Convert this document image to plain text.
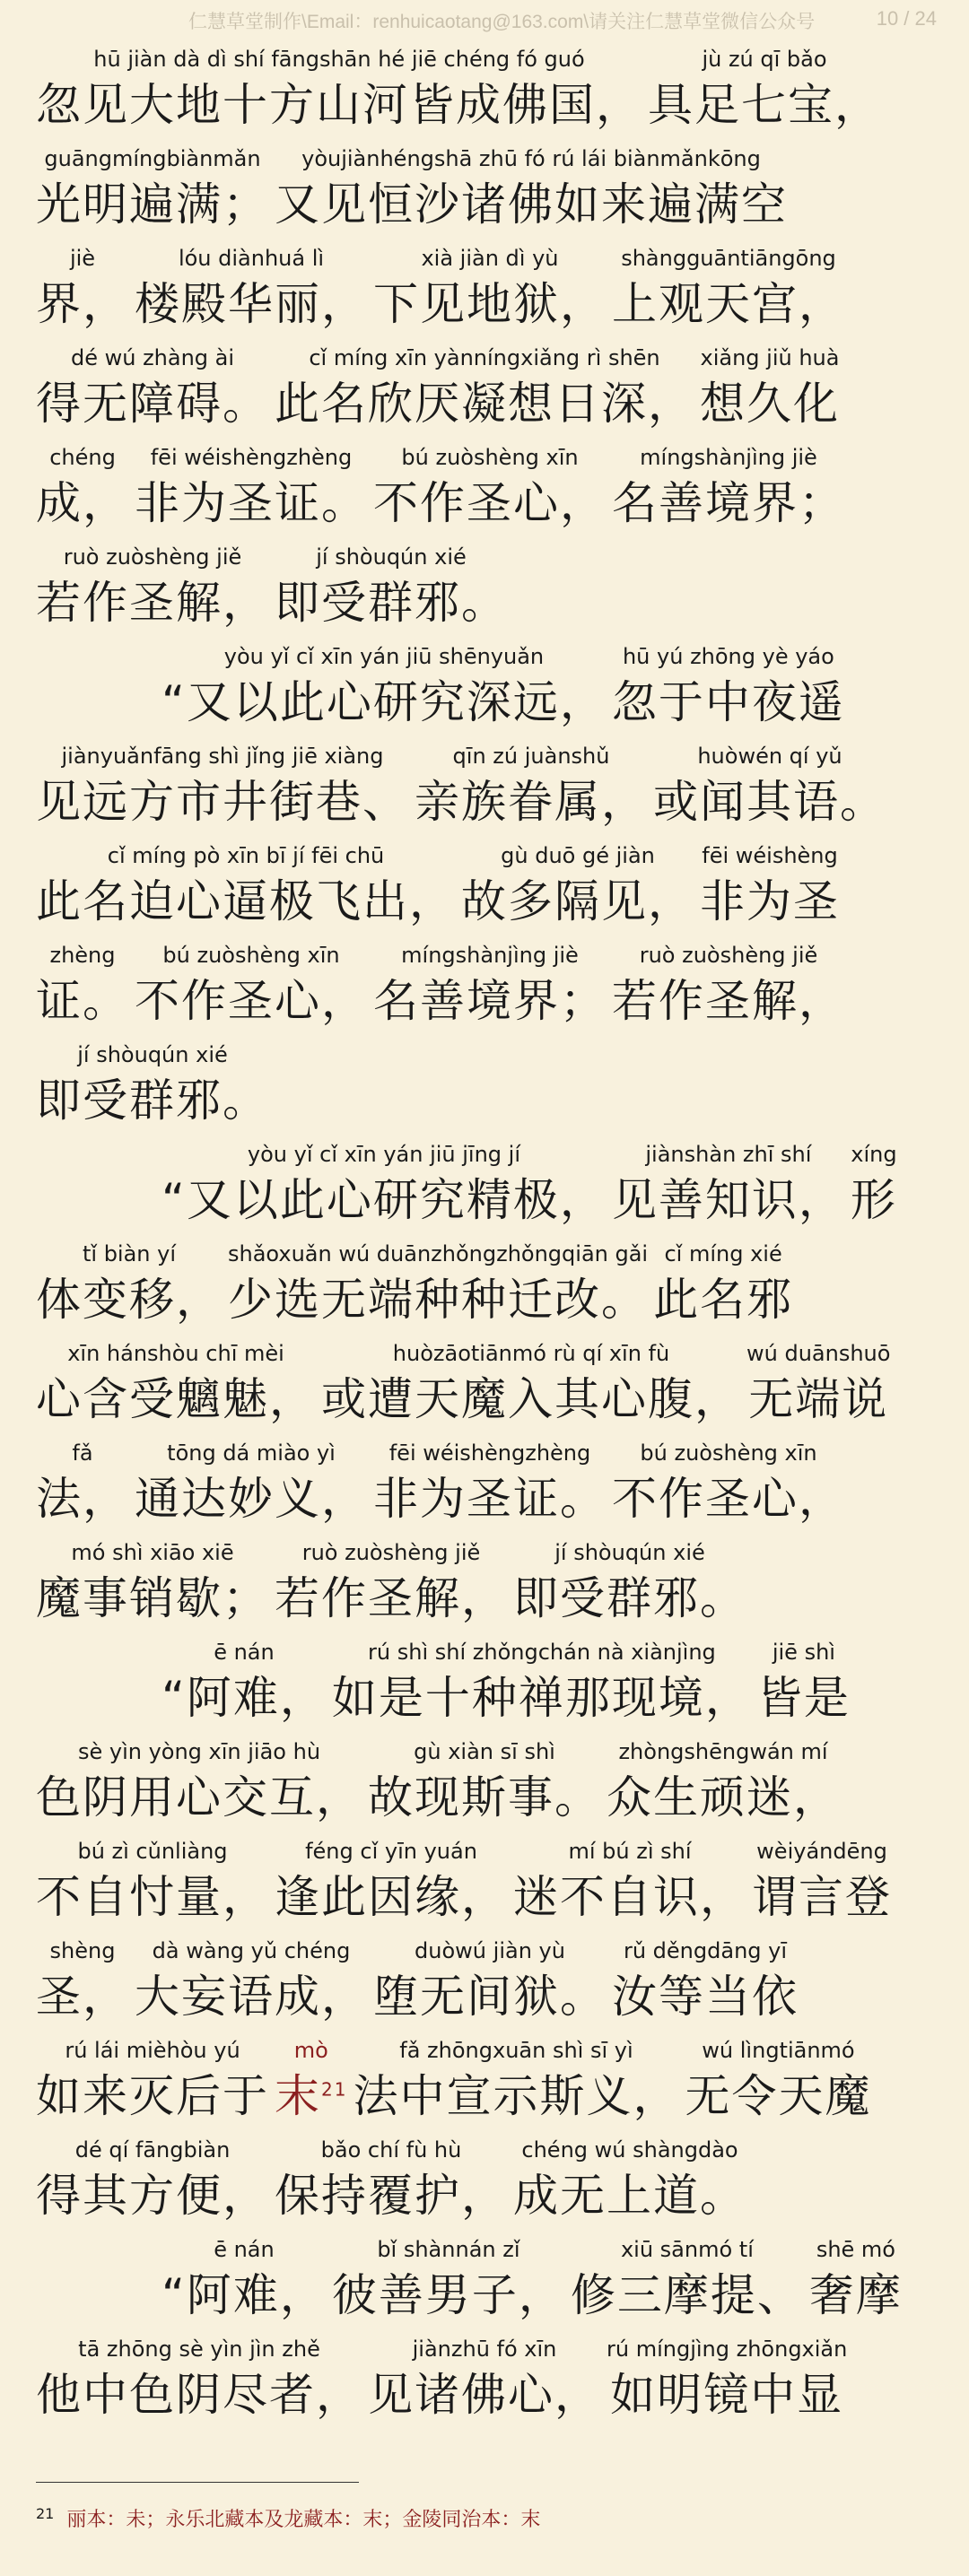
仁慧草堂制作\Email：renhuicaotang@163.com\请关注仁慧草堂微信公众号	10 / 24
hū jiàn dà dì shí fāngshān hé jiē chéng fó guó
忽见大地十方山河皆成佛国，
jù zú qī bǎo
具足七宝，
guāngmíngbiànmǎn
光明遍满；
yòujiànhéngshā zhū fó rú lái biànmǎnkōng
又见恒沙诸佛如来遍满空
jiè
界，
lóu diànhuá lì
楼殿华丽，
xià jiàn dì yù
下见地狱，
shàngguāntiāngōng
上观天宫，
dé wú zhàng ài
得无障碍。
cǐ míng xīn yànníngxiǎng rì shēn
此名欣厌凝想日深，
xiǎng jiǔ huà
想久化
chéng
成，
fēi wéishèngzhèng
非为圣证。
bú zuòshèng xīn
不作圣心，
míngshànjìng jiè
名善境界；
ruò zuòshèng jiě
若作圣解，
jí shòuqún xié
即受群邪。
yòu yǐ cǐ xīn yán jiū shēnyuǎn
“又以此心研究深远，
hū yú zhōng yè yáo
忽于中夜遥
jiànyuǎnfāng shì jǐng jiē xiàng
见远方市井街巷、
qīn zú juànshǔ
亲族眷属，
huòwén qí yǔ
或闻其语。
cǐ míng pò xīn bī jí fēi chū
此名迫心逼极飞出，
gù duō gé jiàn
故多隔见，
fēi wéishèng
非为圣
zhèng
证。
bú zuòshèng xīn
不作圣心，
míngshànjìng jiè
名善境界；
ruò zuòshèng jiě
若作圣解，
jí shòuqún xié
即受群邪。
yòu yǐ cǐ xīn yán jiū jīng jí
“又以此心研究精极，
jiànshàn zhī shí
见善知识，
xíng
形
tǐ biàn yí
体变移，
shǎoxuǎn wú duānzhǒngzhǒngqiān gǎi
少选无端种种迁改。
cǐ míng xié
此名邪
xīn hánshòu chī mèi
心含受魑魅，
huòzāotiānmó rù qí xīn fù
或遭天魔入其心腹，
wú duānshuō
无端说
fǎ
法，
tōng dá miào yì
通达妙义，
fēi wéishèngzhèng
非为圣证。
bú zuòshèng xīn
不作圣心，
mó shì xiāo xiē
魔事销歇；
ruò zuòshèng jiě
若作圣解，
jí shòuqún xié
即受群邪。
ē nán
“阿难，
rú shì shí zhǒngchán nà xiànjìng
如是十种禅那现境，
jiē shì
皆是
sè yìn yòng xīn jiāo hù
色阴用心交互，
gù xiàn sī shì
故现斯事。
zhòngshēngwán mí
众生顽迷，
bú zì cǔnliàng
不自忖量，
féng cǐ yīn yuán
逢此因缘，
mí bú zì shí
迷不自识，
wèiyándēng
谓言登
shèng
圣，
dà wàng yǔ chéng
大妄语成，
duòwú jiàn yù
堕无间狱。
rǔ děngdāng yī
汝等当依
rú lái mièhòu yú
如来灭后于
mò
末$^{21}$
fǎ zhōngxuān shì sī yì
法中宣示斯义，
wú lìngtiānmó
无令天魔
dé qí fāngbiàn
得其方便，
bǎo chí fù hù
保持覆护，
chéng wú shàngdào
成无上道。
ē nán
“阿难，
bǐ shànnán zǐ
彼善男子，
xiū sānmó tí
修三摩提、
shē mó
奢摩
tā zhōng sè yìn jìn zhě
他中色阴尽者，
jiànzhū fó xīn
见诸佛心，
rú míngjìng zhōngxiǎn
如明镜中显
$^{21}$ 丽本：未；永乐北藏本及龙藏本：末；金陵同治本：末
